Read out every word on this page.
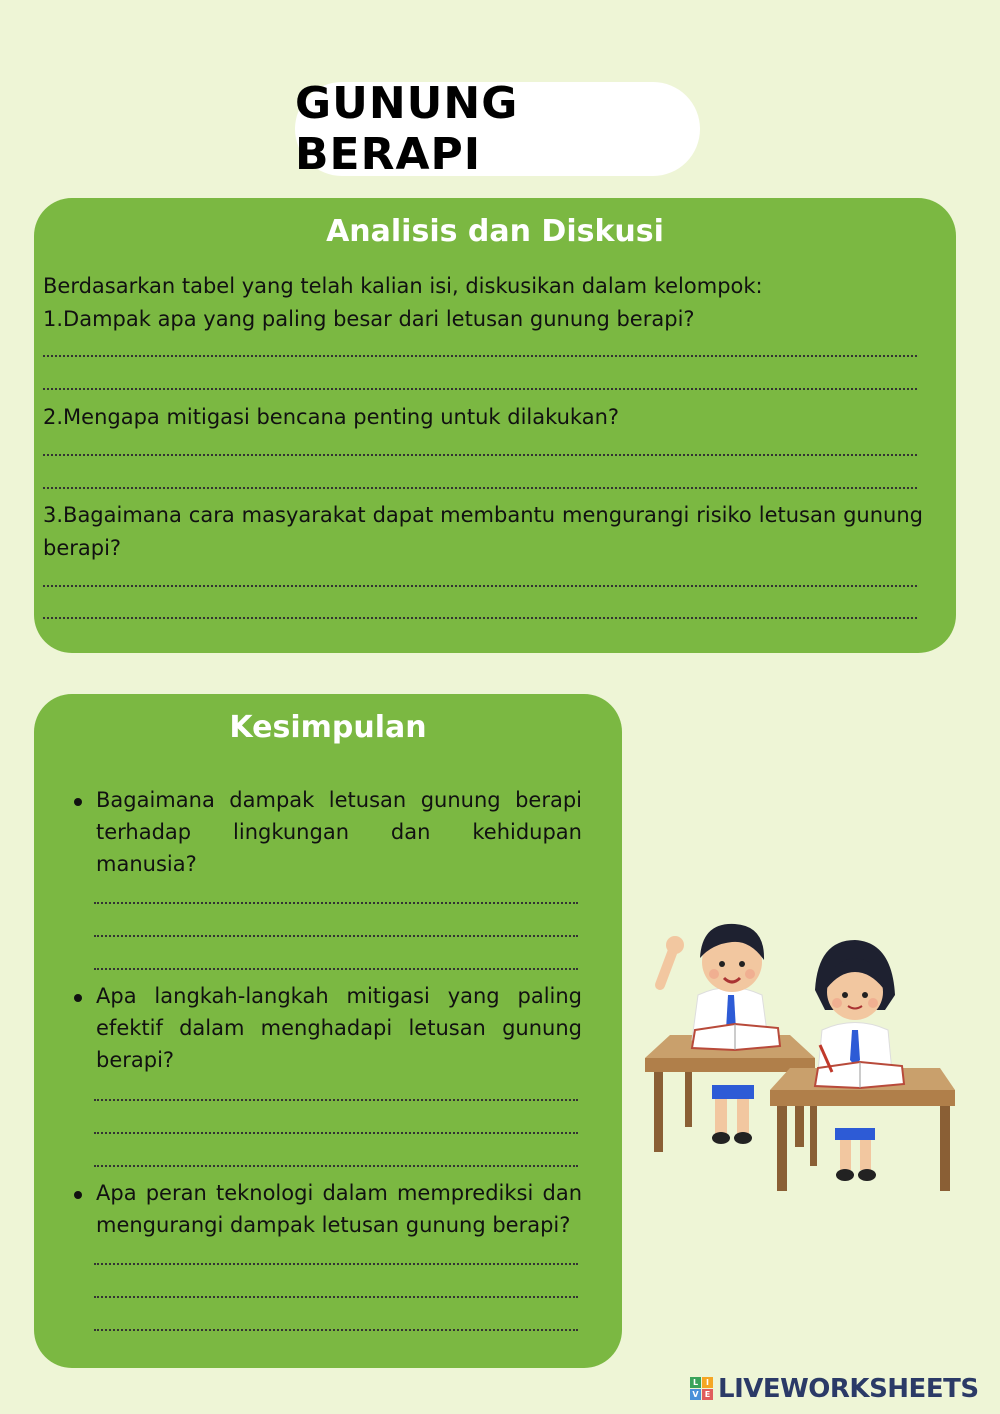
GUNUNG BERAPI
Analisis dan Diskusi
Berdasarkan tabel yang telah kalian isi, diskusikan dalam kelompok:
1.Dampak apa yang paling besar dari letusan gunung berapi?
2.Mengapa mitigasi bencana penting untuk dilakukan?
3.Bagaimana cara masyarakat dapat membantu mengurangi risiko letusan gunung berapi?
Kesimpulan
Bagaimana dampak letusan gunung berapi terhadap lingkungan dan kehidupan manusia?
Apa langkah-langkah mitigasi yang paling efektif dalam menghadapi letusan gunung berapi?
Apa peran teknologi dalam memprediksi dan mengurangi dampak letusan gunung berapi?
L I
V E LIVEWORKSHEETS
